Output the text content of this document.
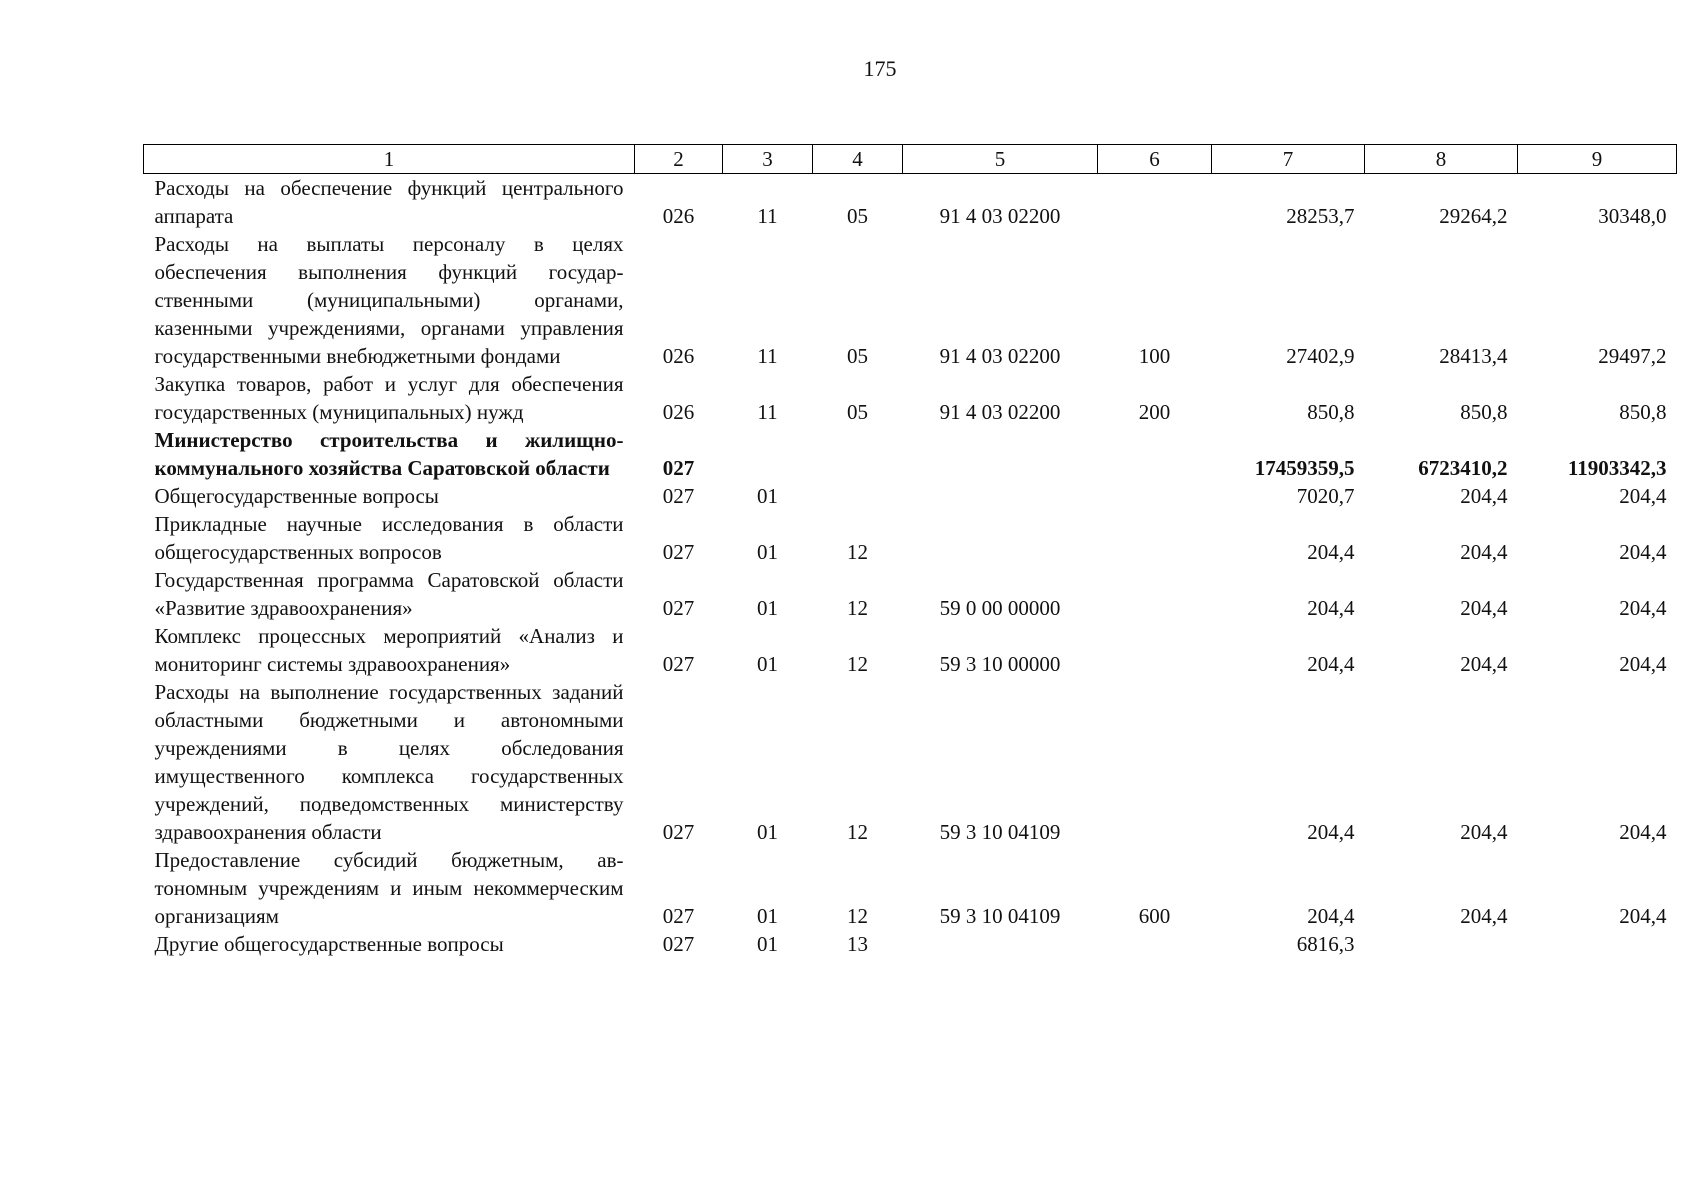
175
1	2	3	4	5	6	7	8	9
Расходы на обеспечение функций центрального аппарата	026	11	05	91 4 03 02200		28253,7	29264,2	30348,0
Расходы на выплаты персоналу в целях обеспечения выполнения функций государственными (муниципальными) органами, казенными учреждениями, органами управления государственными внебюджетными фондами	026	11	05	91 4 03 02200	100	27402,9	28413,4	29497,2
Закупка товаров, работ и услуг для обеспечения государственных (муниципальных) нужд	026	11	05	91 4 03 02200	200	850,8	850,8	850,8
Министерство строительства и жилищно-коммунального хозяйства Саратовской области	027					17459359,5	6723410,2	11903342,3
Общегосударственные вопросы	027	01				7020,7	204,4	204,4
Прикладные научные исследования в области общегосударственных вопросов	027	01	12			204,4	204,4	204,4
Государственная программа Саратовской области «Развитие здравоохранения»	027	01	12	59 0 00 00000		204,4	204,4	204,4
Комплекс процессных мероприятий «Анализ и мониторинг системы здравоохранения»	027	01	12	59 3 10 00000		204,4	204,4	204,4
Расходы на выполнение государственных заданий областными бюджетными и автономными учреждениями в целях обследования имущественного комплекса государственных учреждений, подведомственных министерству здравоохранения области	027	01	12	59 3 10 04109		204,4	204,4	204,4
Предоставление субсидий бюджетным, автономным учреждениям и иным некоммерческим организациям	027	01	12	59 3 10 04109	600	204,4	204,4	204,4
Другие общегосударственные вопросы	027	01	13			6816,3		
